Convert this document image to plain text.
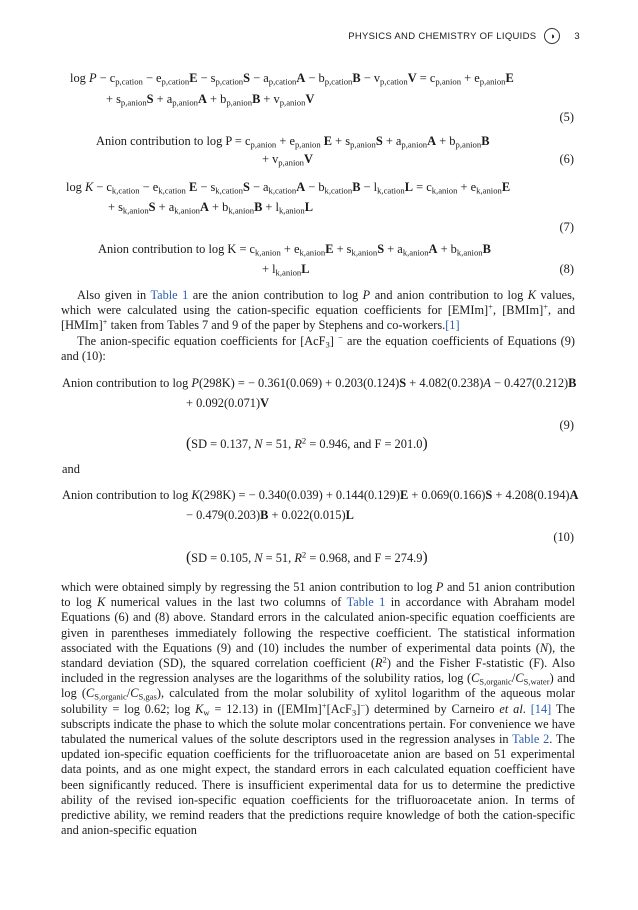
PHYSICS AND CHEMISTRY OF LIQUIDS	◑	3
$\log P - c_{p,cation} - e_{p,cation}E - s_{p,cation}S - a_{p,cation}A - b_{p,cation}B - v_{p,cation}V = c_{p,anion} + e_{p,anion}E$
+ $s_{p,anion}S + a_{p,anion}A + b_{p,anion}B + v_{p,anion}V$
(5)
Anion contribution to $\log P = c_{p,anion} + e_{p,anion}$ $E + s_{p,anion}S + a_{p,anion}A + b_{p,anion}B$
+ $v_{p,anion}V$	(6)
$\log K - c_{k,cation} - e_{k,cation}$ $E - s_{k,cation}S - a_{k,cation}A - b_{k,cation}B - l_{k,cation}L = c_{k,anion} + e_{k,anion}E$
+ $s_{k,anion}S + a_{k,anion}A + b_{k,anion}B + l_{k,anion}L$
(7)
Anion contribution to $\log K = c_{k,anion} + e_{k,anion}E + s_{k,anion}S + a_{k,anion}A + b_{k,anion}B$
+ $l_{k,anion}L$	(8)

Also given in Table 1 are the anion contribution to log P and anion contribution to log K values, which were calculated using the cation-specific equation coefficients for [EMIm]+, [BMIm]+, and [HMIm]+ taken from Tables 7 and 9 of the paper by Stephens and co-workers.[1]

The anion-specific equation coefficients for [AcF$_3$] − are the equation coefficients of Equations (9) and (10):

Anion contribution to log P(298K) = − 0.361(0.069) + 0.203(0.124)S + 4.082(0.238)A − 0.427(0.212)B
+ 0.092(0.071)V
(9)
(SD = 0.137, N = 51, $R^2 = 0.946$, and F = 201.0)
and
Anion contribution to log K(298K) = − 0.340(0.039) + 0.144(0.129)E + 0.069(0.166)S + 4.208(0.194)A
− 0.479(0.203)B + 0.022(0.015)L
(10)
(SD = 0.105, N = 51, $R^2 = 0.968$, and F = 274.9)

which were obtained simply by regressing the 51 anion contribution to log P and 51 anion contribution to log K numerical values in the last two columns of Table 1 in accordance with Abraham model Equations (6) and (8) above. Standard errors in the calculated anion-specific equation coefficients are given in parentheses immediately following the respective coefficient. The statistical information associated with the Equations (9) and (10) includes the number of experimental data points (N), the standard deviation (SD), the squared correlation coefficient $(R^2)$ and the Fisher F-statistic (F). Also included in the regression analyses are the logarithms of the solubility ratios, $\log (C_{S,organic}/C_{S,water})$ and $\log (C_{S,organic}/C_{S,gas})$, calculated from the molar solubility of xylitol logarithm of the aqueous molar solubility = log 0.62; $\log K_w = 12.13$) in ([EMIm]+[AcF$_3$]−) determined by Carneiro et al. [14] The subscripts indicate the phase to which the solute molar concentrations pertain. For convenience we have tabulated the numerical values of the solute descriptors used in the regression analyses in Table 2. The updated ion-specific equation coefficients for the trifluoroacetate anion are based on 51 experimental data points, and as one might expect, the standard errors in each calculated equation coefficient have been significantly reduced. There is insufficient experimental data for us to determine the predictive ability of the revised ion-specific equation coefficients for the trifluoroacetate anion. In terms of predictive ability, we remind readers that the predictions require knowledge of both the cation-specific and anion-specific equation
